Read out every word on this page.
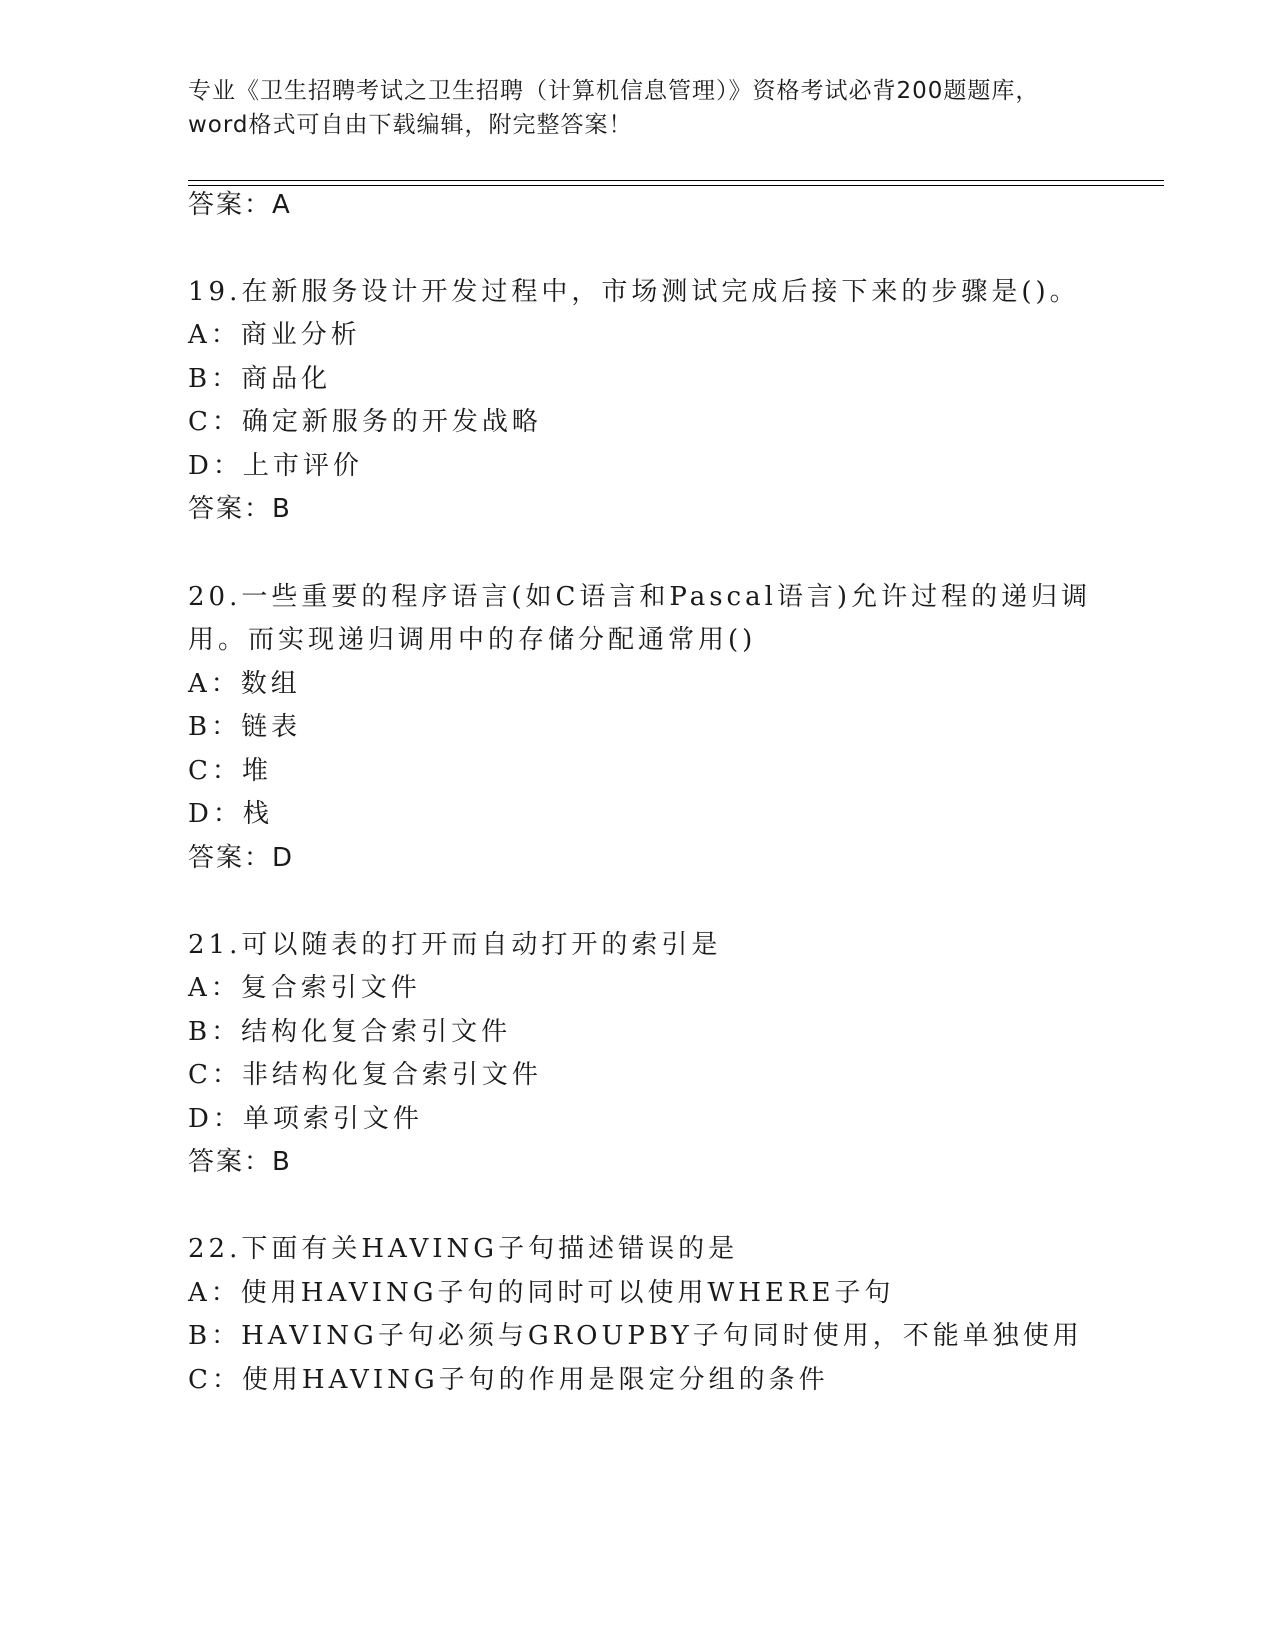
专业《卫生招聘考试之卫生招聘（计算机信息管理）》资格考试必背200题题库，
word格式可自由下载编辑，附完整答案！
答案：A
19.在新服务设计开发过程中，市场测试完成后接下来的步骤是()。
A：商业分析
B：商品化
C：确定新服务的开发战略
D：上市评价
答案：B
20.一些重要的程序语言(如C语言和Pascal语言)允许过程的递归调
用。而实现递归调用中的存储分配通常用()
A：数组
B：链表
C：堆
D：栈
答案：D
21.可以随表的打开而自动打开的索引是
A：复合索引文件
B：结构化复合索引文件
C：非结构化复合索引文件
D：单项索引文件
答案：B
22.下面有关HAVING子句描述错误的是
A：使用HAVING子句的同时可以使用WHERE子句
B：HAVING子句必须与GROUPBY子句同时使用，不能单独使用
C：使用HAVING子句的作用是限定分组的条件
